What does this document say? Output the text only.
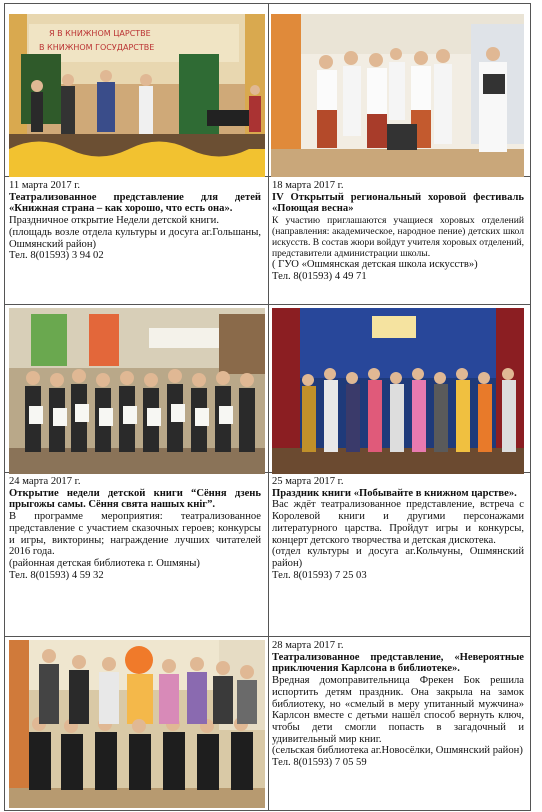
Я В КНИЖНОМ ЦАРСТВЕ
В КНИЖНОМ ГОСУДАРСТВЕ

11 марта 2017 г.

Театрализованное представление для детей «Книжная страна – как хорошо, что есть она».

Праздничное открытие Недели детской книги.

(площадь возле отдела культуры и досуга аг.Гольшаны, Ошмянский район)

Тел. 8(01593) 3 94 02

18 марта 2017 г.

IV Открытый региональный хоровой фестиваль «Поющая весна»

К участию приглашаются учащиеся хоровых отделений (направления: академическое, народное пение) детских школ искусств. В состав жюри войдут учителя хоровых отделений, представители администрации школы.

( ГУО «Ошмянская детская школа искусств»)

Тел. 8(01593) 4 49 71

24 марта 2017 г.

Открытие недели детской книги “Сёння дзень прыгожы самы. Сёння свята нашых кніг”.

В программе мероприятия: театрализованное представление с участием сказочных героев; конкурсы и игры, викторины; награждение лучших читателей 2016 года.

(районная детская библиотека г. Ошмяны)

Тел. 8(01593) 4 59 32

25 марта 2017 г.

Праздник книги «Побывайте в книжном царстве».

Вас ждёт театрализованное представление, встреча с Королевой книги и другими персонажами литературного царства. Пройдут игры и конкурсы, концерт детского творчества и детская дискотека.

(отдел культуры и досуга аг.Кольчуны, Ошмянский район)

Тел. 8(01593) 7 25 03

28 марта 2017 г.

Театрализованное представление, «Невероятные приключения Карлсона в библиотеке».

Вредная домоправительница Фрекен Бок решила испортить детям праздник. Она закрыла на замок библиотеку, но «смелый в меру упитанный мужчина» Карлсон вместе с детьми нашёл способ вернуть ключ, чтобы дети смогли попасть в загадочный и удивительный мир книг.

(сельская библиотека аг.Новосёлки, Ошмянский район)

Тел. 8(01593) 7 05 59
